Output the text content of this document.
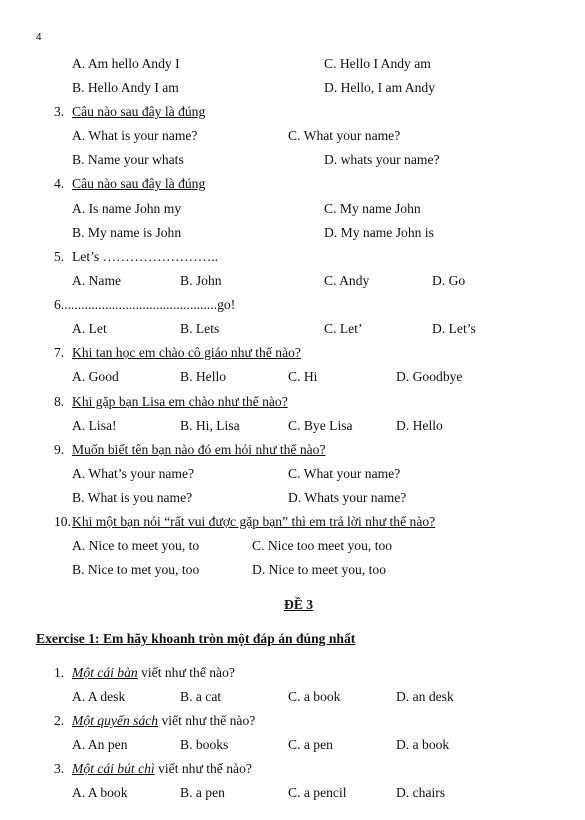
4
A. Am hello Andy I	C. Hello I Andy am
B. Hello Andy I am	D. Hello, I am Andy
3. Câu nào sau đây là đúng
A. What is your name?	C. What your name?
B. Name your whats	D. whats your name?
4. Câu nào sau đây là đúng
A. Is name John my	C. My name John
B. My name is John	D. My name John is
5. Let’s ……………………..
A. Name	B. John	C. Andy	D. Go
6..............................................go!
A. Let	B. Lets	C. Let’	D. Let’s
7. Khi tan học em chào cô giáo như thế nào?
A. Good	B. Hello	C. Hi	D. Goodbye
8. Khi gặp bạn Lisa em chào như thế nào?
A. Lisa!	B. Hi, Lisa	C. Bye Lisa	D. Hello
9. Muốn biết tên bạn nào đó em hỏi như thế nào?
A. What’s your name?	C. What your name?
B. What is you name?	D. Whats your name?
10. Khi một bạn nói “rất vui được gặp bạn” thì em trả lời như thế nào?
A. Nice to meet you, to	C. Nice too meet you, too
B. Nice to met you, too	D. Nice to meet you, too
ĐỀ 3
Exercise 1: Em hãy khoanh tròn một đáp án đúng nhất
1. Một cái bàn viết như thế nào?
A. A desk	B. a cat	C. a book	D. an desk
2. Một quyển sách viết như thế nào?
A. An pen	B. books	C. a pen	D. a book
3. Một cái bút chì viết như thế nào?
A. A book	B. a pen	C. a pencil	D. chairs
